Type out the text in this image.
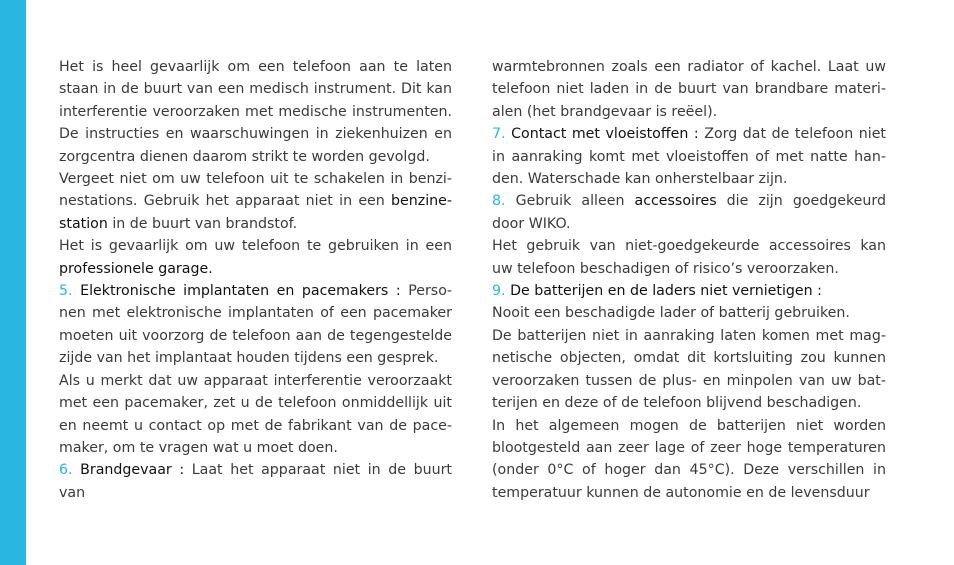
Het is heel gevaarlijk om een telefoon aan te laten staan in de buurt van een medisch instrument. Dit kan interferentie veroorzaken met medische instrumenten. De instructies en waarschuwingen in ziekenhuizen en zorgcentra dienen daarom strikt te worden gevolgd.

Vergeet niet om uw telefoon uit te schakelen in benzinestations. Gebruik het apparaat niet in een benzinestation in de buurt van brandstof.

Het is gevaarlijk om uw telefoon te gebruiken in een professionele garage.

5. Elektronische implantaten en pacemakers : Personen met elektronische implantaten of een pacemaker moeten uit voorzorg de telefoon aan de tegengestelde zijde van het implantaat houden tijdens een gesprek.

Als u merkt dat uw apparaat interferentie veroorzaakt met een pacemaker, zet u de telefoon onmiddellijk uit en neemt u contact op met de fabrikant van de pacemaker, om te vragen wat u moet doen.

6. Brandgevaar : Laat het apparaat niet in de buurt van

warmtebronnen zoals een radiator of kachel. Laat uw telefoon niet laden in de buurt van brandbare materialen (het brandgevaar is reëel).

7. Contact met vloeistoffen : Zorg dat de telefoon niet in aanraking komt met vloeistoffen of met natte handen. Waterschade kan onherstelbaar zijn.

8. Gebruik alleen accessoires die zijn goedgekeurd door WIKO.

Het gebruik van niet-goedgekeurde accessoires kan uw telefoon beschadigen of risico’s veroorzaken.

9. De batterijen en de laders niet vernietigen :

Nooit een beschadigde lader of batterij gebruiken.

De batterijen niet in aanraking laten komen met magnetische objecten, omdat dit kortsluiting zou kunnen veroorzaken tussen de plus- en minpolen van uw batterijen en deze of de telefoon blijvend beschadigen.

In het algemeen mogen de batterijen niet worden blootgesteld aan zeer lage of zeer hoge temperaturen (onder 0°C of hoger dan 45°C). Deze verschillen in temperatuur kunnen de autonomie en de levensduur
